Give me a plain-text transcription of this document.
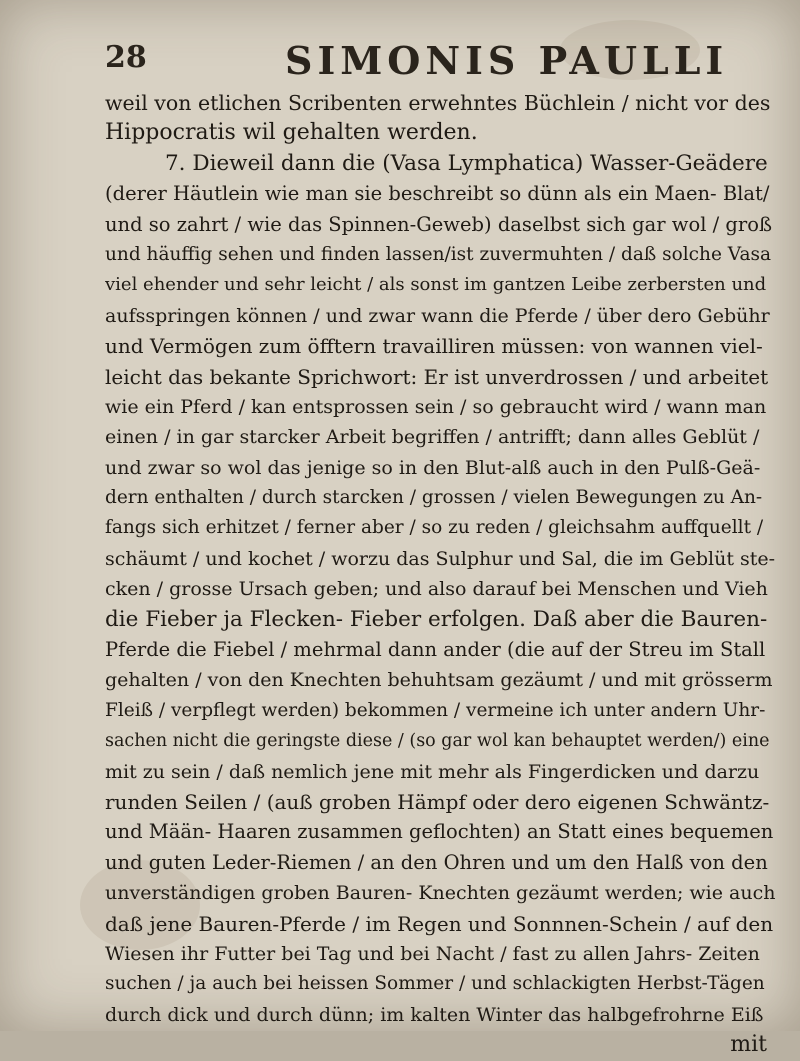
28	SIMONIS PAULLI
weil von etlichen Scribenten erwehntes Büchlein / nicht vor des
Hippocratis wil gehalten werden.
7. Dieweil dann die (Vasa Lymphatica) Wasser-Geädere
(derer Häutlein wie man sie beschreibt so dünn als ein Maen- Blat/
und so zahrt / wie das Spinnen-Geweb) daselbst sich gar wol / groß
und häuffig sehen und finden lassen/ist zuvermuhten / daß solche Vasa
viel ehender und sehr leicht / als sonst im gantzen Leibe zerbersten und
aufsspringen können / und zwar wann die Pferde / über dero Gebühr
und Vermögen zum öfftern travailliren müssen: von wannen viel-
leicht das bekante Sprichwort: Er ist unverdrossen / und arbeitet
wie ein Pferd / kan entsprossen sein / so gebraucht wird / wann man
einen / in gar starcker Arbeit begriffen / antrifft; dann alles Geblüt /
und zwar so wol das jenige so in den Blut-alß auch in den Pulß-Geä-
dern enthalten / durch starcken / grossen / vielen Bewegungen zu An-
fangs sich erhitzet / ferner aber / so zu reden / gleichsahm auffquellt /
schäumt / und kochet / worzu das Sulphur und Sal, die im Geblüt ste-
cken / grosse Ursach geben; und also darauf bei Menschen und Vieh
die Fieber ja Flecken- Fieber erfolgen. Daß aber die Bauren-
Pferde die Fiebel / mehrmal dann ander (die auf der Streu im Stall
gehalten / von den Knechten behuhtsam gezäumt / und mit grösserm
Fleiß / verpflegt werden) bekommen / vermeine ich unter andern Uhr-
sachen nicht die geringste diese / (so gar wol kan behauptet werden/) eine
mit zu sein / daß nemlich jene mit mehr als Fingerdicken und darzu
runden Seilen / (auß groben Hämpf oder dero eigenen Schwäntz-
und Mään- Haaren zusammen geflochten) an Statt eines bequemen
und guten Leder-Riemen / an den Ohren und um den Halß von den
unverständigen groben Bauren- Knechten gezäumt werden; wie auch
daß jene Bauren-Pferde / im Regen und Sonnnen-Schein / auf den
Wiesen ihr Futter bei Tag und bei Nacht / fast zu allen Jahrs- Zeiten
suchen / ja auch bei heissen Sommer / und schlackigten Herbst-Tägen
durch dick und durch dünn; im kalten Winter das halbgefrohrne Eiß
mit
